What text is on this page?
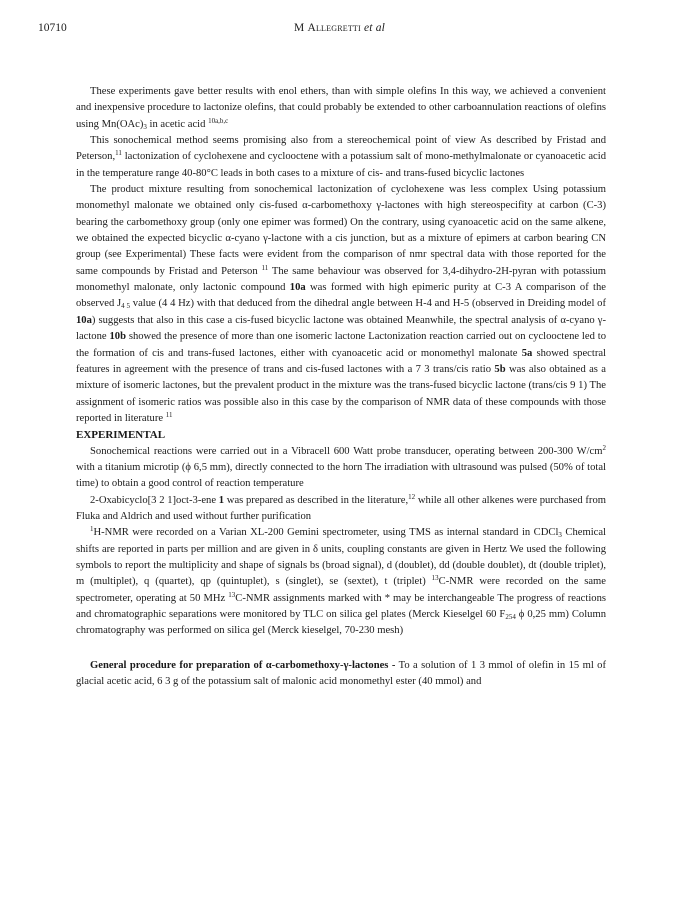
10710	M Allegretti et al

These experiments gave better results with enol ethers, than with simple olefins In this way, we achieved a convenient and inexpensive procedure to lactonize olefins, that could probably be extended to other carboannulation reactions of olefins using $Mn(OAc)_3$ in acetic acid $^{10a,b,c}$

This sonochemical method seems promising also from a stereochemical point of view As described by Fristad and Peterson,$^{11}$ lactonization of cyclohexene and cyclooctene with a potassium salt of mono-methylmalonate or cyanoacetic acid in the temperature range 40-80°C leads in both cases to a mixture of cis- and trans-fused bicyclic lactones

The product mixture resulting from sonochemical lactonization of cyclohexene was less complex Using potassium monomethyl malonate we obtained only cis-fused α-carbomethoxy γ-lactones with high stereospecifity at carbon (C-3) bearing the carbomethoxy group (only one epimer was formed) On the contrary, using cyanoacetic acid on the same alkene, we obtained the expected bicyclic α-cyano γ-lactone with a cis junction, but as a mixture of epimers at carbon bearing CN group (see Experimental) These facts were evident from the comparison of nmr spectral data with those reported for the same compounds by Fristad and Peterson $^{11}$ The same behaviour was observed for 3,4-dihydro-2H-pyran with potassium monomethyl malonate, only lactonic compound 10a was formed with high epimeric purity at C-3 A comparison of the observed $J_{4 5}$ value (4 4 Hz) with that deduced from the dihedral angle between H-4 and H-5 (observed in Dreiding model of 10a) suggests that also in this case a cis-fused bicyclic lactone was obtained Meanwhile, the spectral analysis of α-cyano γ-lactone 10b showed the presence of more than one isomeric lactone Lactonization reaction carried out on cyclooctene led to the formation of cis and trans-fused lactones, either with cyanoacetic acid or monomethyl malonate 5a showed spectral features in agreement with the presence of trans and cis-fused lactones with a 7 3 trans/cis ratio 5b was also obtained as a mixture of isomeric lactones, but the prevalent product in the mixture was the trans-fused bicyclic lactone (trans/cis 9 1) The assignment of isomeric ratios was possible also in this case by the comparison of NMR data of these compounds with those reported in literature $^{11}$

EXPERIMENTAL

Sonochemical reactions were carried out in a Vibracell 600 Watt probe transducer, operating between 200-300 $W/cm^2$ with a titanium microtip (ϕ 6,5 mm), directly connected to the horn The irradiation with ultrasound was pulsed (50% of total time) to obtain a good control of reaction temperature

2-Oxabicyclo[3 2 1]oct-3-ene 1 was prepared as described in the literature,$^{12}$ while all other alkenes were purchased from Fluka and Aldrich and used without further purification

$^1$H-NMR were recorded on a Varian XL-200 Gemini spectrometer, using TMS as internal standard in CDCl$_3$ Chemical shifts are reported in parts per million and are given in δ units, coupling constants are given in Hertz We used the following symbols to report the multiplicity and shape of signals bs (broad signal), d (doublet), dd (double doublet), dt (double triplet), m (multiplet), q (quartet), qp (quintuplet), s (singlet), se (sextet), t (triplet) $^{13}$C-NMR were recorded on the same spectrometer, operating at 50 MHz $^{13}$C-NMR assignments marked with * may be interchangeable The progress of reactions and chromatographic separations were monitored by TLC on silica gel plates (Merck Kieselgel 60 $F_{254}$ ϕ 0,25 mm) Column chromatography was performed on silica gel (Merck kieselgel, 70-230 mesh)

General procedure for preparation of α-carbomethoxy-γ-lactones - To a solution of 1 3 mmol of olefin in 15 ml of glacial acetic acid, 6 3 g of the potassium salt of malonic acid monomethyl ester (40 mmol) and
